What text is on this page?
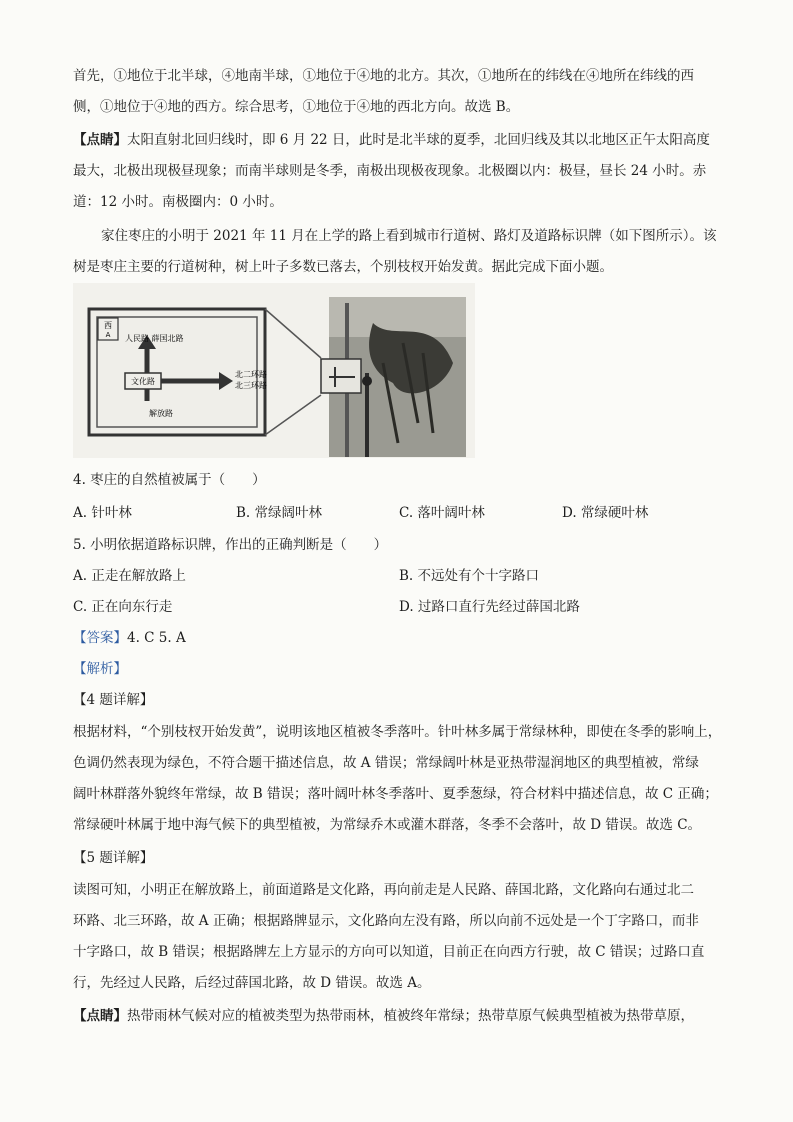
首先，①地位于北半球，④地南半球，①地位于④地的北方。其次，①地所在的纬线在④地所在纬线的西
侧，①地位于④地的西方。综合思考，①地位于④地的西北方向。故选 B。
【点睛】太阳直射北回归线时，即 6 月 22 日，此时是北半球的夏季，北回归线及其以北地区正午太阳高度
最大，北极出现极昼现象；而南半球则是冬季，南极出现极夜现象。北极圈以内：极昼，昼长 24 小时。赤
道：12 小时。南极圈内：0 小时。
家住枣庄的小明于 2021 年 11 月在上学的路上看到城市行道树、路灯及道路标识牌（如下图所示）。该
树是枣庄主要的行道树种，树上叶子多数已落去，个别枝杈开始发黄。据此完成下面小题。
西
A 人民路 薛国北路
文化路
北二环路
北三环路
解放路
4. 枣庄的自然植被属于（　　）
A. 针叶林	B. 常绿阔叶林	C. 落叶阔叶林	D. 常绿硬叶林
5. 小明依据道路标识牌，作出的正确判断是（　　）
A. 正走在解放路上	B. 不远处有个十字路口
C. 正在向东行走	D. 过路口直行先经过薛国北路
【答案】4. C 5. A
【解析】
【4 题详解】
根据材料，“个别枝杈开始发黄”，说明该地区植被冬季落叶。针叶林多属于常绿林种，即使在冬季的影响上，
色调仍然表现为绿色，不符合题干描述信息，故 A 错误；常绿阔叶林是亚热带湿润地区的典型植被，常绿
阔叶林群落外貌终年常绿，故 B 错误；落叶阔叶林冬季落叶、夏季葱绿，符合材料中描述信息，故 C 正确；
常绿硬叶林属于地中海气候下的典型植被，为常绿乔木或灌木群落，冬季不会落叶，故 D 错误。故选 C。
【5 题详解】
读图可知，小明正在解放路上，前面道路是文化路，再向前走是人民路、薛国北路，文化路向右通过北二
环路、北三环路，故 A 正确；根据路牌显示，文化路向左没有路，所以向前不远处是一个丁字路口，而非
十字路口，故 B 错误；根据路牌左上方显示的方向可以知道，目前正在向西方行驶，故 C 错误；过路口直
行，先经过人民路，后经过薛国北路，故 D 错误。故选 A。
【点睛】热带雨林气候对应的植被类型为热带雨林，植被终年常绿；热带草原气候典型植被为热带草原，
